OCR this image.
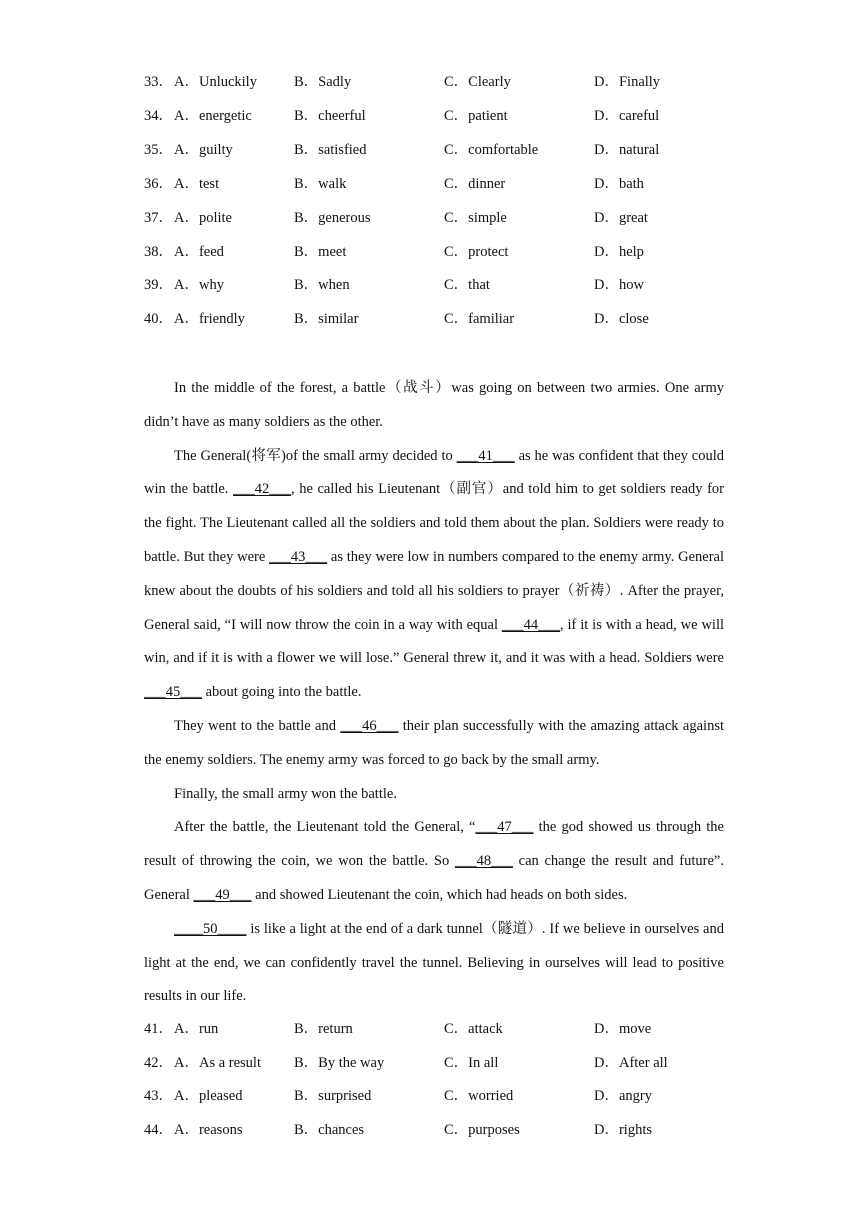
33． A．Unluckily	B．Sadly	C．Clearly	D．Finally
34． A．energetic	B．cheerful	C．patient	D．careful
35． A．guilty	B．satisfied	C．comfortable	D．natural
36． A．test	B．walk	C．dinner	D．bath
37． A．polite	B．generous	C．simple	D．great
38． A．feed	B．meet	C．protect	D．help
39． A．why	B．when	C．that	D．how
40． A．friendly	B．similar	C．familiar	D．close

In the middle of the forest, a battle（战斗）was going on between two armies. One army didn’t have as many soldiers as the other.

The General(将军)of the small army decided to ___41___ as he was confident that they could win the battle. ___42___, he called his Lieutenant（副官）and told him to get soldiers ready for the fight. The Lieutenant called all the soldiers and told them about the plan. Soldiers were ready to battle. But they were ___43___ as they were low in numbers compared to the enemy army. General knew about the doubts of his soldiers and told all his soldiers to prayer（祈祷）. After the prayer, General said, “I will now throw the coin in a way with equal ___44___, if it is with a head, we will win, and if it is with a flower we will lose.” General threw it, and it was with a head. Soldiers were ___45___ about going into the battle.

They went to the battle and ___46___ their plan successfully with the amazing attack against the enemy soldiers. The enemy army was forced to go back by the small army.

Finally, the small army won the battle.

After the battle, the Lieutenant told the General, “___47___ the god showed us through the result of throwing the coin, we won the battle. So ___48___ can change the result and future”. General ___49___ and showed Lieutenant the coin, which had heads on both sides.

____50____ is like a light at the end of a dark tunnel（隧道）. If we believe in ourselves and light at the end, we can confidently travel the tunnel. Believing in ourselves will lead to positive results in our life.

41． A．run	B．return	C．attack	D．move
42． A．As a result B．By the way	C．In all	D．After all
43． A．pleased	B．surprised	C．worried	D．angry
44． A．reasons	B．chances	C．purposes	D．rights
